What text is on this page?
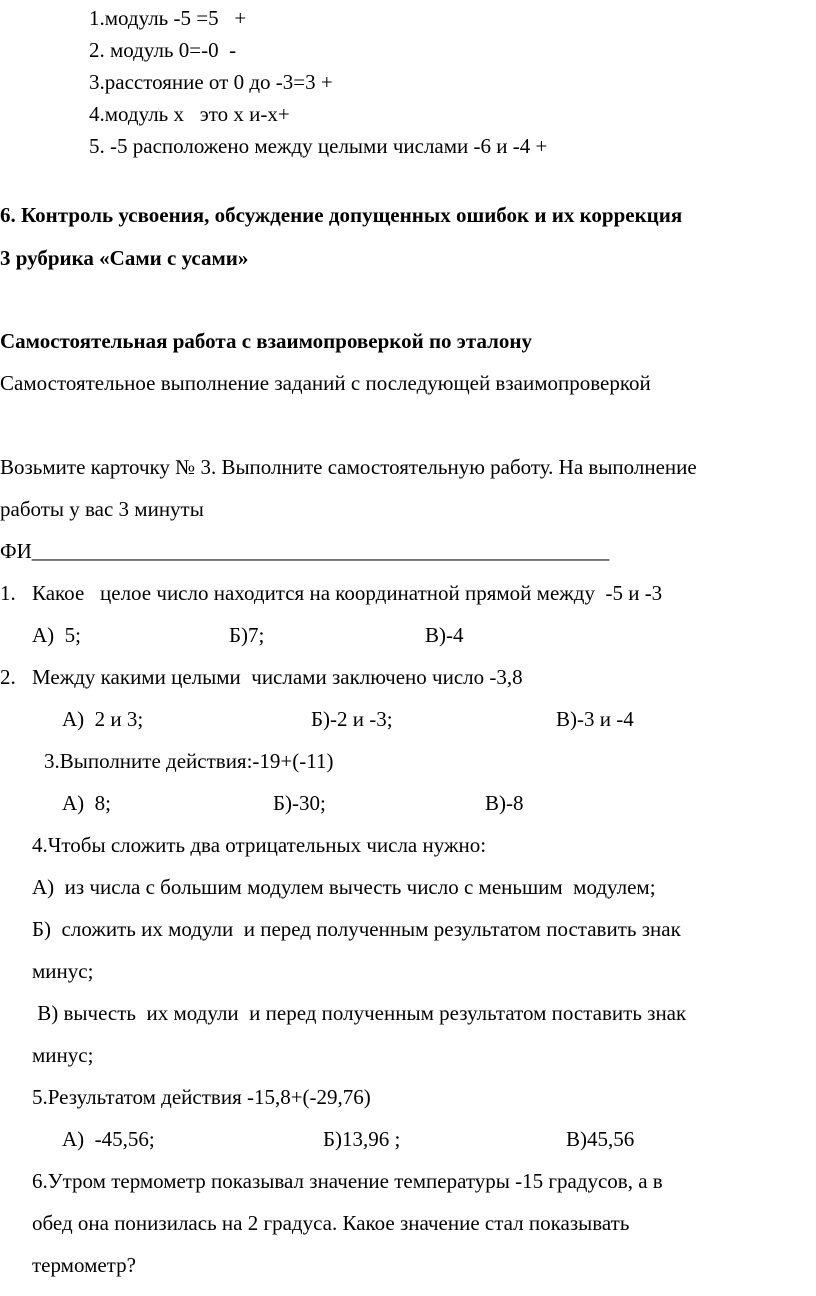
1.модуль -5 =5   +
2. модуль 0=-0  -
3.расстояние от 0 до -3=3 +
4.модуль х   это х и-х+
5. -5 расположено между целыми числами -6 и -4 +
6. Контроль усвоения, обсуждение допущенных ошибок и их коррекция
3 рубрика «Сами с усами»
Самостоятельная работа с взаимопроверкой по эталону
Самостоятельное выполнение заданий с последующей взаимопроверкой
Возьмите карточку № 3. Выполните самостоятельную работу. На выполнение
работы у вас 3 минуты
ФИ_______________________________________________________
1. Какое   целое число находится на координатной прямой между  -5 и -3
А)  5;	Б)7;	В)-4
2. Между какими целыми  числами заключено число -3,8
А)  2 и 3;	Б)-2 и -3;	В)-3 и -4
3.Выполните действия:-19+(-11)
А)  8;	Б)-30;	В)-8
4.Чтобы сложить два отрицательных числа нужно:
А)  из числа с большим модулем вычесть число с меньшим  модулем;
Б)  сложить их модули  и перед полученным результатом поставить знак
минус;
В) вычесть  их модули  и перед полученным результатом поставить знак
минус;
5.Результатом действия -15,8+(-29,76)
А)  -45,56;	Б)13,96 ;	В)45,56
6.Утром термометр показывал значение температуры -15 градусов, а в
обед она понизилась на 2 градуса. Какое значение стал показывать
термометр?
